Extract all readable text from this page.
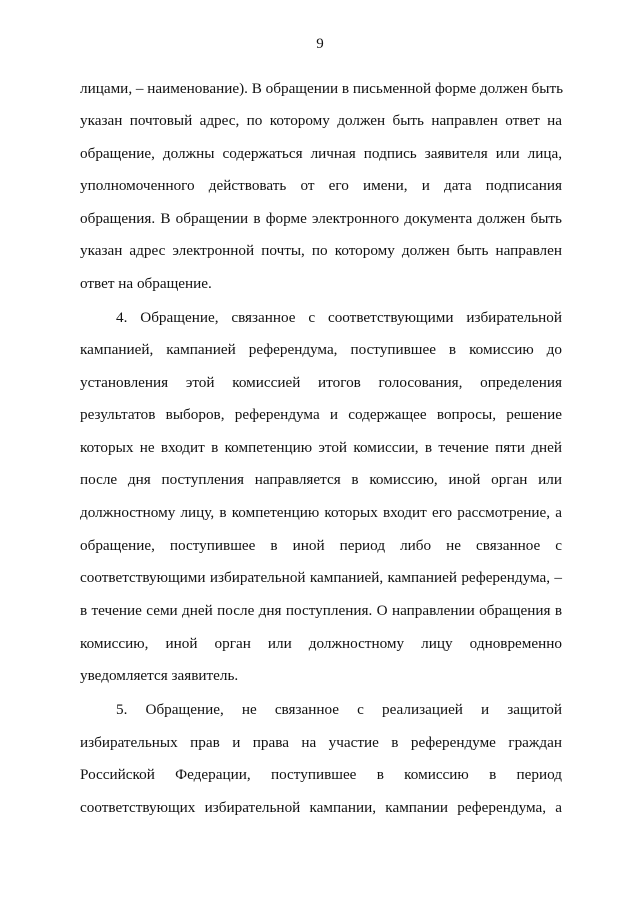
9
лицами, – наименование). В обращении в письменной форме должен быть
указан почтовый адрес, по которому должен быть направлен ответ на
обращение, должны содержаться личная подпись заявителя или лица,
уполномоченного действовать от его имени, и дата подписания
обращения. В обращении в форме электронного документа должен быть
указан адрес электронной почты, по которому должен быть направлен
ответ на обращение.
4. Обращение, связанное с соответствующими избирательной
кампанией, кампанией референдума, поступившее в комиссию до
установления этой комиссией итогов голосования, определения
результатов выборов, референдума и содержащее вопросы, решение
которых не входит в компетенцию этой комиссии, в течение пяти дней
после дня поступления направляется в комиссию, иной орган или
должностному лицу, в компетенцию которых входит его рассмотрение, а
обращение, поступившее в иной период либо не связанное с
соответствующими избирательной кампанией, кампанией референдума, –
в течение семи дней после дня поступления. О направлении обращения в
комиссию, иной орган или должностному лицу одновременно
уведомляется заявитель.
5. Обращение, не связанное с реализацией и защитой
избирательных прав и права на участие в референдуме граждан
Российской Федерации, поступившее в комиссию в период
соответствующих избирательной кампании, кампании референдума, а
